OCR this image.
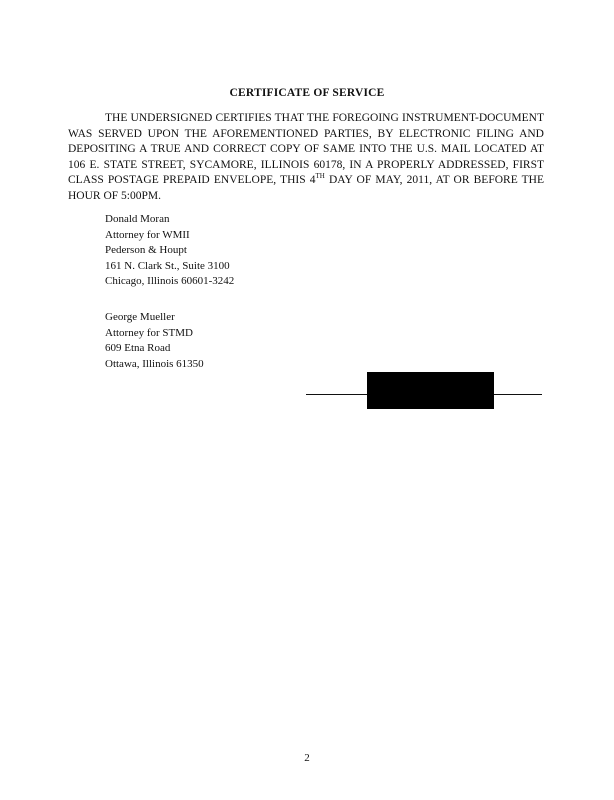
CERTIFICATE OF SERVICE
THE UNDERSIGNED CERTIFIES THAT THE FOREGOING INSTRUMENT-DOCUMENT WAS SERVED UPON THE AFOREMENTIONED PARTIES, BY ELECTRONIC FILING AND DEPOSITING A TRUE AND CORRECT COPY OF SAME INTO THE U.S. MAIL LOCATED AT 106 E. STATE STREET, SYCAMORE, ILLINOIS 60178, IN A PROPERLY ADDRESSED, FIRST CLASS POSTAGE PREPAID ENVELOPE, THIS 4TH DAY OF MAY, 2011, AT OR BEFORE THE HOUR OF 5:00PM.
Donald Moran
Attorney for WMII
Pederson & Houpt
161 N. Clark St., Suite 3100
Chicago, Illinois 60601-3242
George Mueller
Attorney for STMD
609 Etna Road
Ottawa, Illinois 61350
2
